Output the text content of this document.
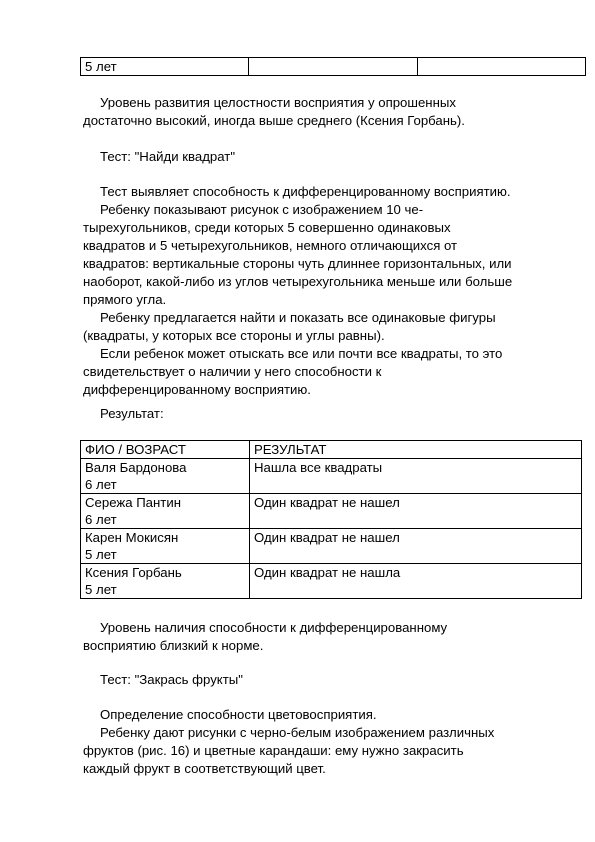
5 лет		

Уровень развития целостности восприятия у опрошенных

достаточно высокий, иногда выше среднего (Ксения Горбань).

Тест: "Найди квадрат"

Тест выявляет способность к дифференцированному восприятию.

Ребенку показывают рисунок с изображением 10 че-

тырехугольников, среди которых 5 совершенно одинаковых

квадратов и 5 четырехугольников, немного отличающихся от

квадратов: вертикальные стороны чуть длиннее горизонтальных, или

наоборот, какой-либо из углов четырехугольника меньше или больше

прямого угла.

Ребенку предлагается найти и показать все одинаковые фигуры

(квадраты, у которых все стороны и углы равны).

Если ребенок может отыскать все или почти все квадраты, то это

свидетельствует о наличии у него способности к

дифференцированному восприятию.

Результат:

ФИО / ВОЗРАСТ	РЕЗУЛЬТАТ

Валя Бардонова
6 лет	Нашла все квадраты

Сережа Пантин
6 лет	Один квадрат не нашел

Карен Мокисян
5 лет	Один квадрат не нашел

Ксения Горбань
5 лет	Один квадрат не нашла

Уровень наличия способности к дифференцированному

восприятию близкий к норме.

Тест: "Закрась фрукты"

Определение способности цветовосприятия.

Ребенку дают рисунки с черно-белым изображением различных

фруктов (рис. 16) и цветные карандаши: ему нужно закрасить

каждый фрукт в соответствующий цвет.
